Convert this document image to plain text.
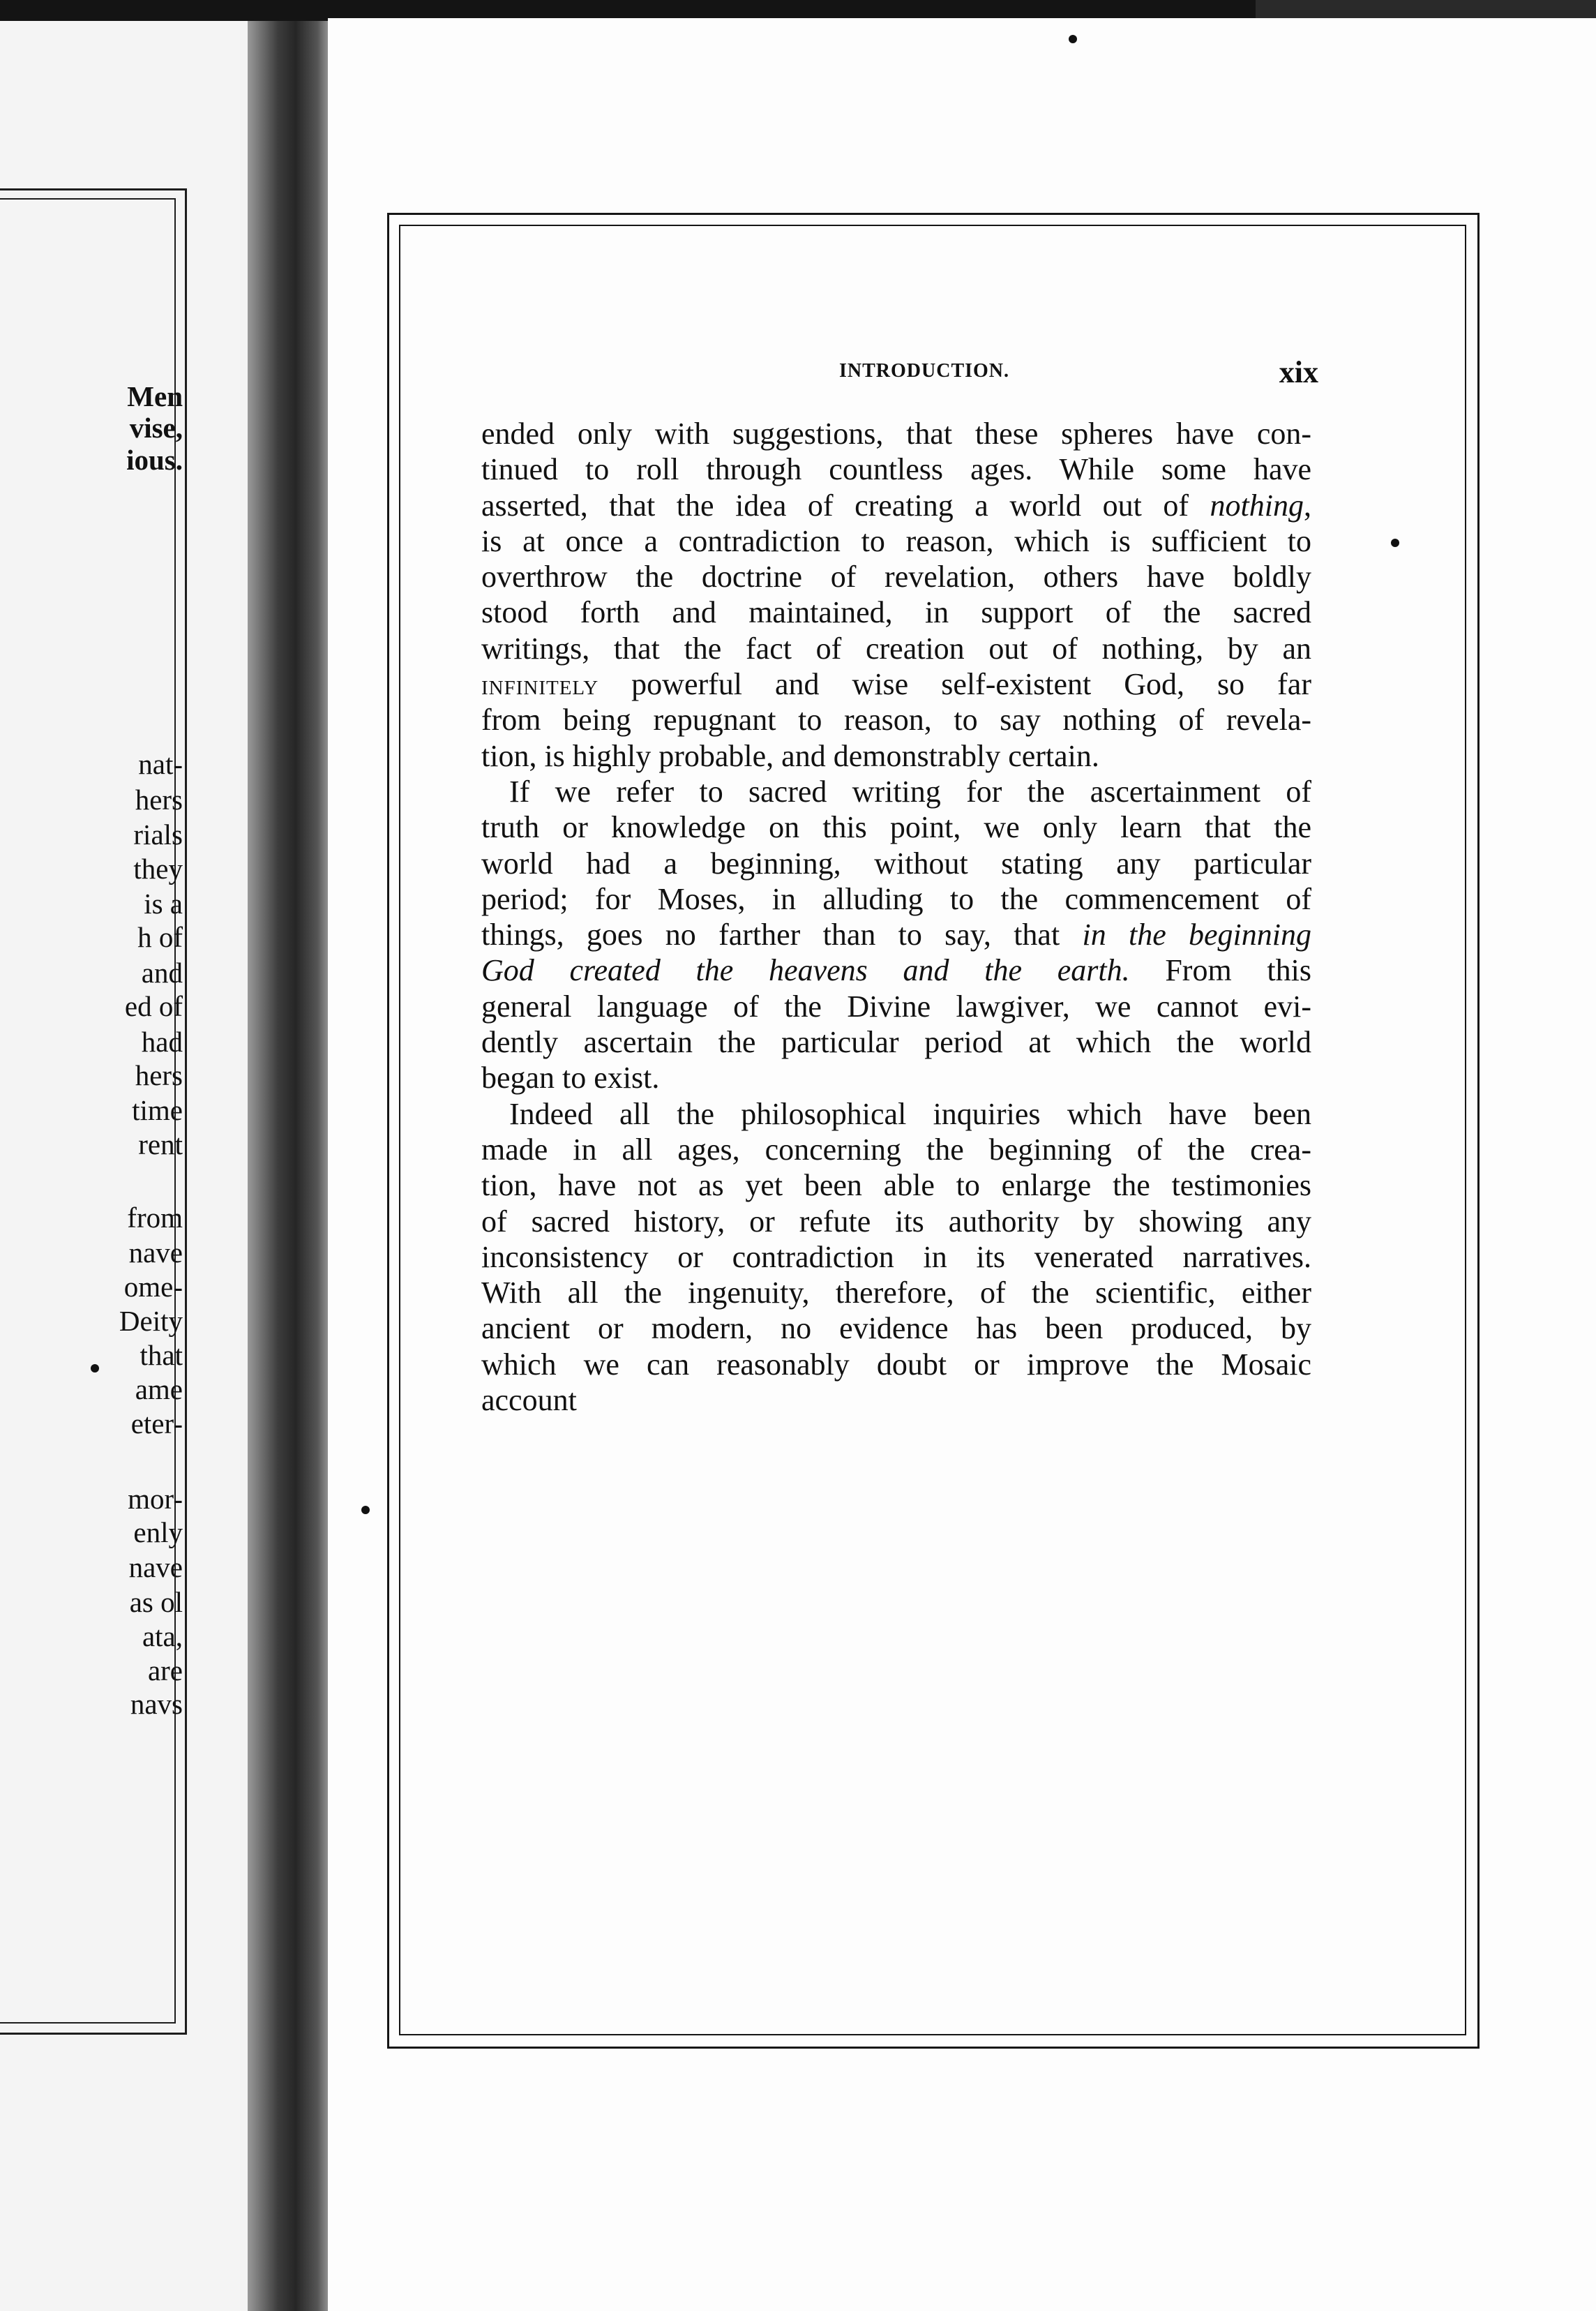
Men
vise,
ious.
nat-
hers
rials
they
is a
h of
and
ed of
had
hers
time
rent
from
nave
ome-
Deity
that
ame
eter-
mor-
enly
nave
as ol
ata,
are
navs
INTRODUCTION.	xix
ended only with suggestions, that these spheres have con-
tinued to roll through countless ages. While some have
asserted, that the idea of creating a world out of nothing,
is at once a contradiction to reason, which is sufficient to
overthrow the doctrine of revelation, others have boldly
stood forth and maintained, in support of the sacred
writings, that the fact of creation out of nothing, by an
INFINITELY powerful and wise self-existent God, so far
from being repugnant to reason, to say nothing of revela-
tion, is highly probable, and demonstrably certain.
If we refer to sacred writing for the ascertainment of
truth or knowledge on this point, we only learn that the
world had a beginning, without stating any particular
period; for Moses, in alluding to the commencement of
things, goes no farther than to say, that in the beginning
God created the heavens and the earth. From this
general language of the Divine lawgiver, we cannot evi-
dently ascertain the particular period at which the world
began to exist.
Indeed all the philosophical inquiries which have been
made in all ages, concerning the beginning of the crea-
tion, have not as yet been able to enlarge the testimonies
of sacred history, or refute its authority by showing any
inconsistency or contradiction in its venerated narratives.
With all the ingenuity, therefore, of the scientific, either
ancient or modern, no evidence has been produced, by
which we can reasonably doubt or improve the Mosaic
account
